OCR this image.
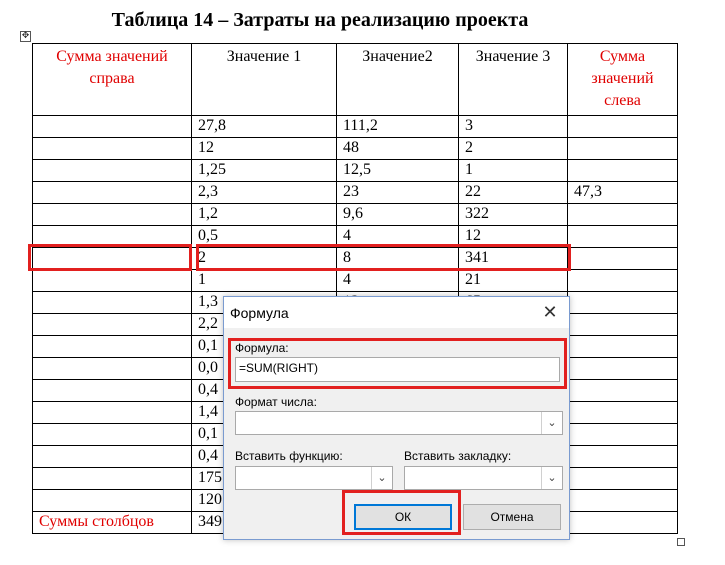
Таблица 14 – Затраты на реализацию проекта
✥
Сумма значений справа	Значение 1	Значение2	Значение 3	Сумма значений слева
	27,8	111,2	3	
	12	48	2	
	1,25	12,5	1	
	2,3	23	22	47,3
	1,2	9,6	322	
	0,5	4	12	
	2	8	341	
	1	4	21	
	1,3			
	2,2			
	0,1			
	0,0			
	0,4			
	1,4			
	0,1			
	0,4			
	175			
	120			
Суммы столбцов	349			
Формула	✕
Формула:
=SUM(RIGHT)
Формат числа:
⌄
Вставить функцию:
⌄
Вставить закладку:
⌄
ОК	Отмена
